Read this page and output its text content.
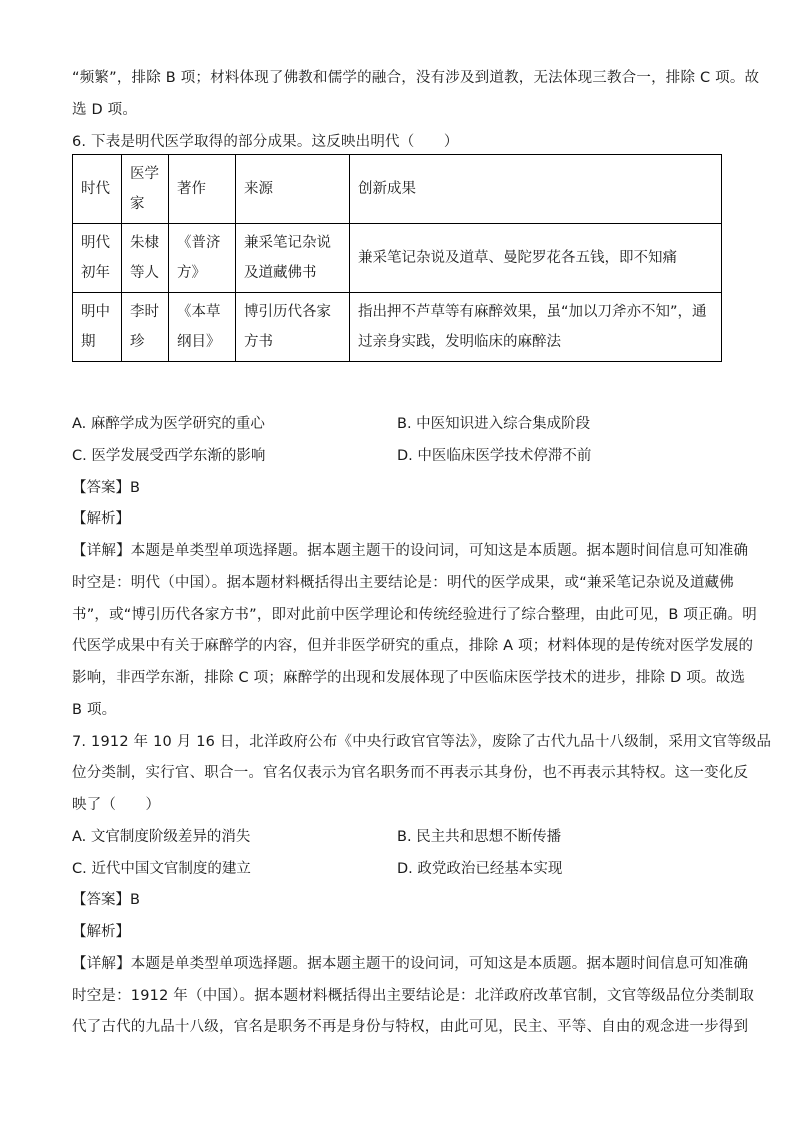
“频繁”，排除 B 项；材料体现了佛教和儒学的融合，没有涉及到道教，无法体现三教合一，排除 C 项。故
选 D 项。
6. 下表是明代医学取得的部分成果。这反映出明代（　　）
时代	医学家	著作	来源	创新成果
明代初年	朱棣等人	《普济方》	兼采笔记杂说及道藏佛书	兼采笔记杂说及道草、曼陀罗花各五钱，即不知痛
明中期	李时珍	《本草纲目》	博引历代各家方书	指出押不芦草等有麻醉效果，虽“加以刀斧亦不知”，通过亲身实践，发明临床的麻醉法
A. 麻醉学成为医学研究的重心	B. 中医知识进入综合集成阶段
C. 医学发展受西学东渐的影响	D. 中医临床医学技术停滞不前
【答案】B
【解析】
【详解】本题是单类型单项选择题。据本题主题干的设问词，可知这是本质题。据本题时间信息可知准确
时空是：明代（中国）。据本题材料概括得出主要结论是：明代的医学成果，或“兼采笔记杂说及道藏佛
书”，或“博引历代各家方书”，即对此前中医学理论和传统经验进行了综合整理，由此可见，B 项正确。明
代医学成果中有关于麻醉学的内容，但并非医学研究的重点，排除 A 项；材料体现的是传统对医学发展的
影响，非西学东渐，排除 C 项；麻醉学的出现和发展体现了中医临床医学技术的进步，排除 D 项。故选
B 项。
7. 1912 年 10 月 16 日，北洋政府公布《中央行政官官等法》，废除了古代九品十八级制，采用文官等级品
位分类制，实行官、职合一。官名仅表示为官名职务而不再表示其身份，也不再表示其特权。这一变化反
映了（　　）
A. 文官制度阶级差异的消失	B. 民主共和思想不断传播
C. 近代中国文官制度的建立	D. 政党政治已经基本实现
【答案】B
【解析】
【详解】本题是单类型单项选择题。据本题主题干的设问词，可知这是本质题。据本题时间信息可知准确
时空是：1912 年（中国）。据本题材料概括得出主要结论是：北洋政府改革官制，文官等级品位分类制取
代了古代的九品十八级，官名是职务不再是身份与特权，由此可见，民主、平等、自由的观念进一步得到
